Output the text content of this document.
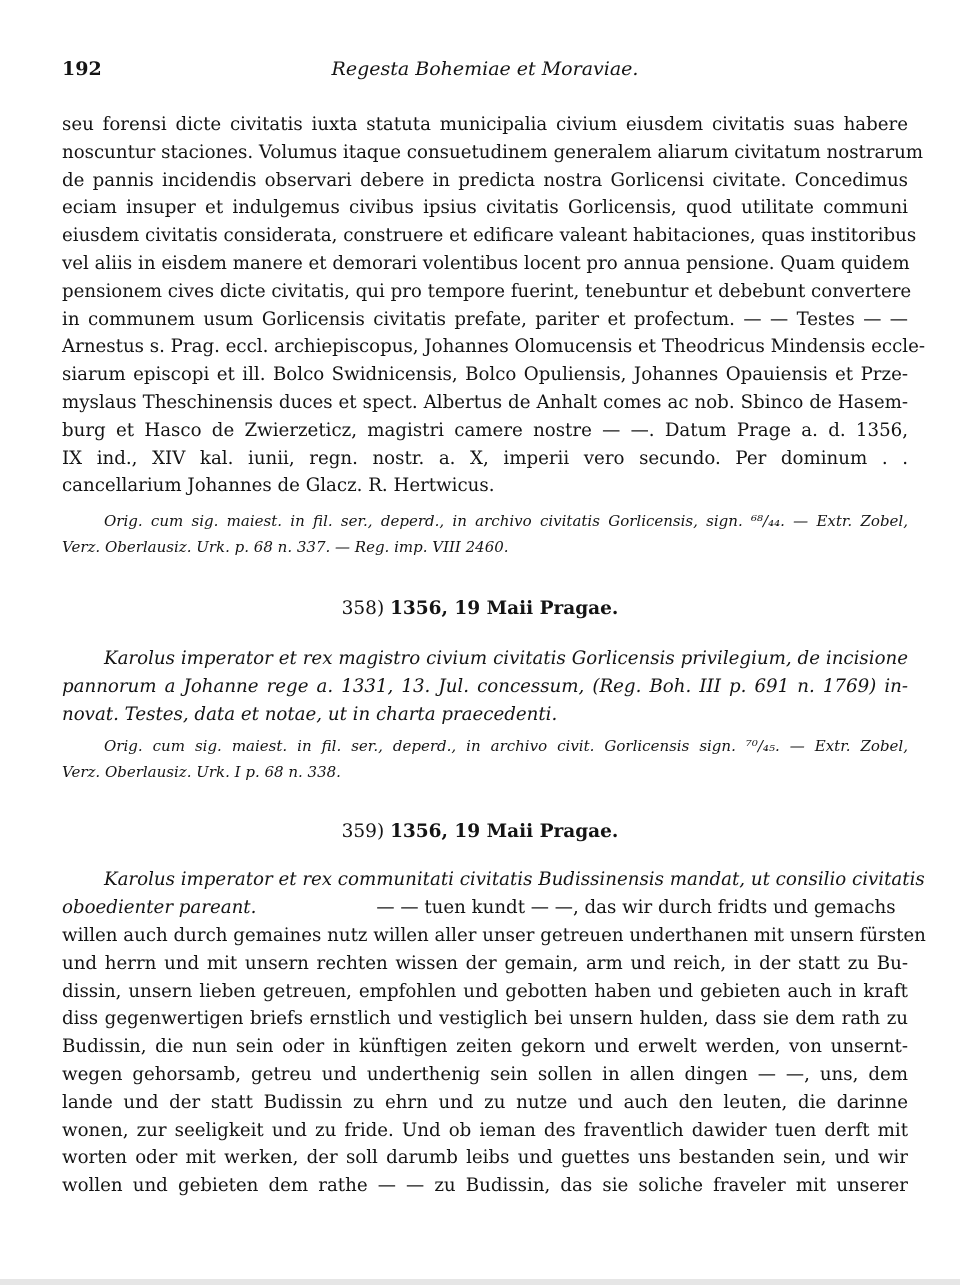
192	Regesta Bohemiae et Moraviae.
seu forensi dicte civitatis iuxta statuta municipalia civium eiusdem civitatis suas habere
noscuntur staciones. Volumus itaque consuetudinem generalem aliarum civitatum nostrarum
de pannis incidendis observari debere in predicta nostra Gorlicensi civitate. Concedimus
eciam insuper et indulgemus civibus ipsius civitatis Gorlicensis, quod utilitate communi
eiusdem civitatis considerata, construere et edificare valeant habitaciones, quas institoribus
vel aliis in eisdem manere et demorari volentibus locent pro annua pensione. Quam quidem
pensionem cives dicte civitatis, qui pro tempore fuerint, tenebuntur et debebunt convertere
in communem usum Gorlicensis civitatis prefate, pariter et profectum. — — Testes — —
Arnestus s. Prag. eccl. archiepiscopus, Johannes Olomucensis et Theodricus Mindensis eccle-
siarum episcopi et ill. Bolco Swidnicensis, Bolco Opuliensis, Johannes Opauiensis et Prze-
myslaus Theschinensis duces et spect. Albertus de Anhalt comes ac nob. Sbinco de Hasem-
burg et Hasco de Zwierzeticz, magistri camere nostre — —. Datum Prage a. d. 1356,
IX ind., XIV kal. iunii, regn. nostr. a. X, imperii vero secundo. Per dominum . .
cancellarium Johannes de Glacz. R. Hertwicus.
Orig. cum sig. maiest. in fil. ser., deperd., in archivo civitatis Gorlicensis, sign. ⁶⁸/₄₄. — Extr. Zobel,
Verz. Oberlausiz. Urk. p. 68 n. 337. — Reg. imp. VIII 2460.
358) 1356, 19 Maii Pragae.
Karolus imperator et rex magistro civium civitatis Gorlicensis privilegium, de incisione
pannorum a Johanne rege a. 1331, 13. Jul. concessum, (Reg. Boh. III p. 691 n. 1769) in-
novat. Testes, data et notae, ut in charta praecedenti.
Orig. cum sig. maiest. in fil. ser., deperd., in archivo civit. Gorlicensis sign. ⁷⁰/₄₅. — Extr. Zobel,
Verz. Oberlausiz. Urk. I p. 68 n. 338.
359) 1356, 19 Maii Pragae.
Karolus imperator et rex communitati civitatis Budissinensis mandat, ut consilio civitatis
oboedienter pareant.	— — tuen kundt — —, das wir durch fridts und gemachs
willen auch durch gemaines nutz willen aller unser getreuen underthanen mit unsern fürsten
und herrn und mit unsern rechten wissen der gemain, arm und reich, in der statt zu Bu-
dissin, unsern lieben getreuen, empfohlen und gebotten haben und gebieten auch in kraft
diss gegenwertigen briefs ernstlich und vestiglich bei unsern hulden, dass sie dem rath zu
Budissin, die nun sein oder in künftigen zeiten gekorn und erwelt werden, von unsernt-
wegen gehorsamb, getreu und underthenig sein sollen in allen dingen — —, uns, dem
lande und der statt Budissin zu ehrn und zu nutze und auch den leuten, die darinne
wonen, zur seeligkeit und zu fride. Und ob ieman des fraventlich dawider tuen derft mit
worten oder mit werken, der soll darumb leibs und guettes uns bestanden sein, und wir
wollen und gebieten dem rathe — — zu Budissin, das sie soliche fraveler mit unserer
